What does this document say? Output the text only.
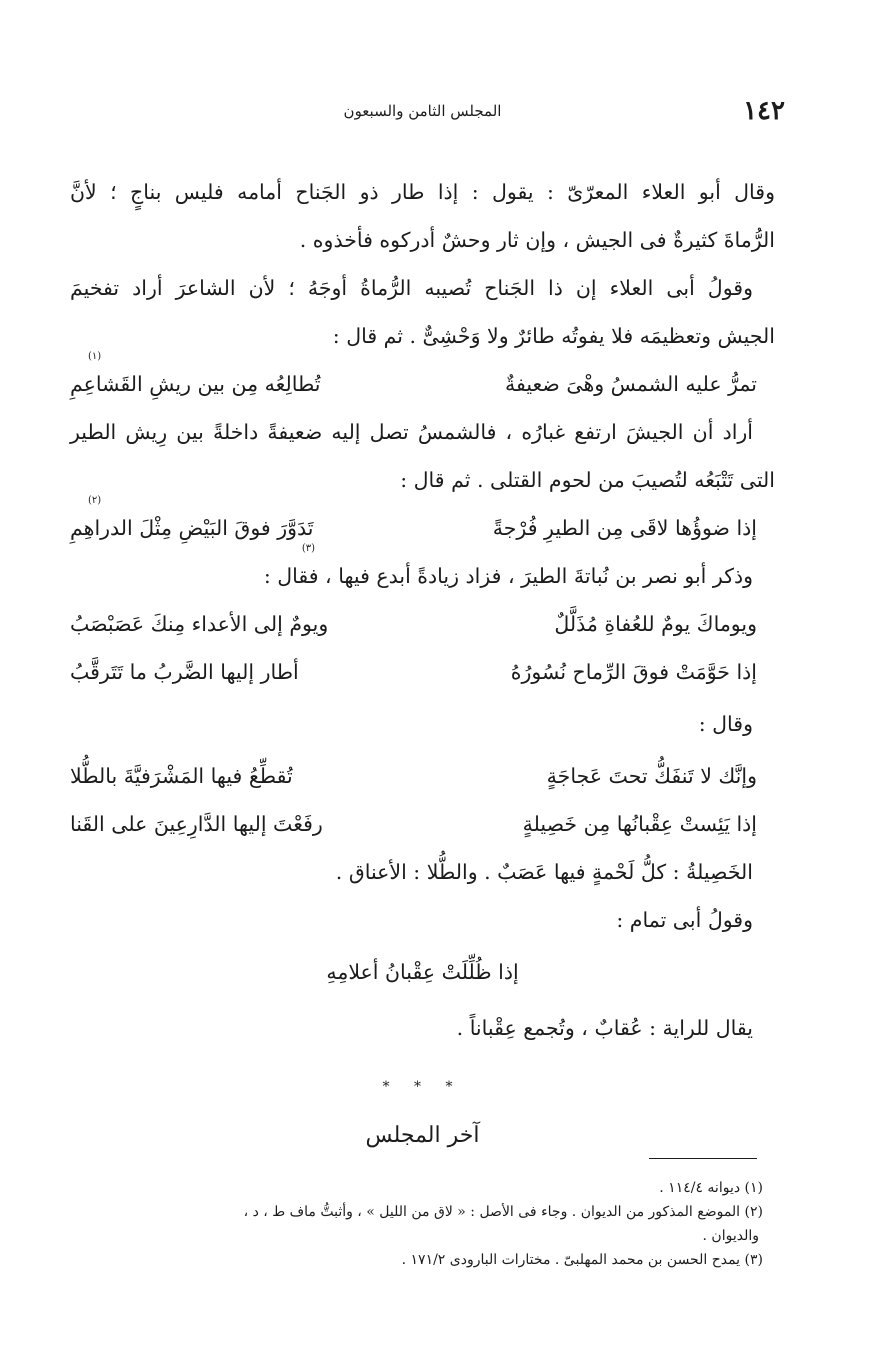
١٤٢
المجلس الثامن والسبعون
وقال أبو العلاء المعرّىّ : يقول : إذا طار ذو الجَناح أمامه فليس بناجٍ ؛ لأنَّ
الرُّماةَ كثيرةٌ فى الجيش ، وإن ثار وحشٌ أدركوه فأخذوه .
وقولُ أبى العلاء إن ذا الجَناح تُصيبه الرُّماةُ أوجَهُ ؛ لأن الشاعرَ أراد تفخيمَ
الجيش وتعظيمَه فلا يفوتُه طائرٌ ولا وَحْشِىٌّ . ثم قال :
تمرُّ عليه الشمسُ وهْىَ ضعيفةٌ
تُطالِعُه مِن بين ريشِ القَشاعِمِ
(١)
أراد أن الجيشَ ارتفع غبارُه ، فالشمسُ تصل إليه ضعيفةً داخلةً بين رِيش الطير
التى تَتْبَعُه لتُصيبَ من لحوم القتلى . ثم قال :
إذا ضوؤُها لاقَى مِن الطيرِ فُرْجةً
تَدَوَّرَ فوقَ البَيْضِ مِثْلَ الدراهِمِ
(٢)
وذكر أبو نصر بن نُباتةَ الطيرَ ، فزاد زيادةً أبدع فيها ، فقال :
(٣)
ويوماكَ يومٌ للعُفاةِ مُذَلَّلٌ
ويومٌ إلى الأعداء مِنكَ عَصَبْصَبُ
إذا حَوَّمَتْ فوقَ الرِّماح نُسُورُهُ
أطار إليها الضَّربُ ما تَتَرقَّبُ
وقال :
وإنَّك لا تَنفَكُّ تحتَ عَجاجَةٍ
تُقطِّعُ فيها المَشْرَفيَّةَ بالطُّلا
إذا يَئِستْ عِقْبانُها مِن خَصِيلةٍ
رفَعْتَ إليها الدَّارِعِينَ على القَنا
الخَصِيلةُ : كلُّ لَحْمةٍ فيها عَصَبٌ . والطُّلا : الأعناق .
وقولُ أبى تمام :
إذا ظُلِّلَتْ عِقْبانُ أعلامِهِ
يقال للراية : عُقابٌ ، وتُجمع عِقْباناً .
* * *
آخر المجلس
(١) ديوانه ١١٤/٤ .
(٢) الموضع المذكور من الديوان . وجاء فى الأصل : « لاق من الليل » ، وأثبتُّ ماف ط ، د ،
والديوان .
(٣) يمدح الحسن بن محمد المهلبىّ . مختارات البارودى ١٧١/٢ .
